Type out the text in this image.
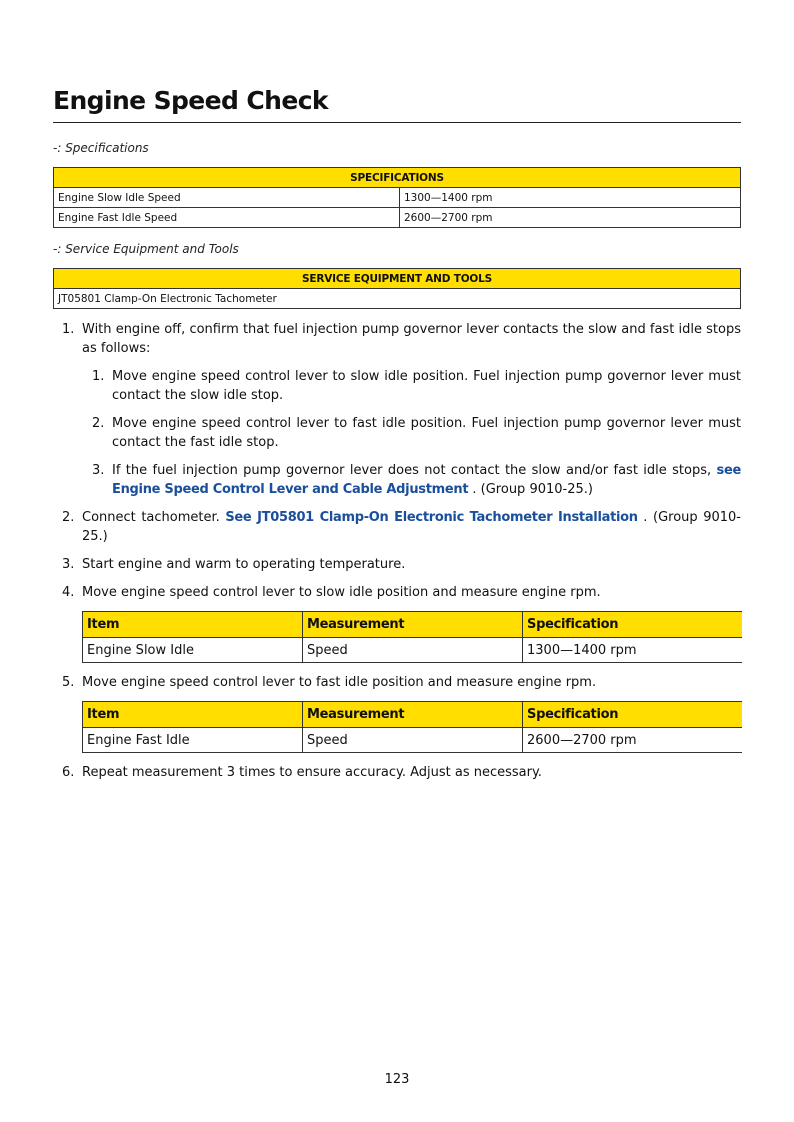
Engine Speed Check
-: Specifications
SPECIFICATIONS	
Engine Slow Idle Speed	1300—1400 rpm
Engine Fast Idle Speed	2600—2700 rpm
-: Service Equipment and Tools
SERVICE EQUIPMENT AND TOOLS
JT05801 Clamp-On Electronic Tachometer
1. With engine off, confirm that fuel injection pump governor lever contacts the slow and fast idle stops as follows:
1. Move engine speed control lever to slow idle position. Fuel injection pump governor lever must contact the slow idle stop.
2. Move engine speed control lever to fast idle position. Fuel injection pump governor lever must contact the fast idle stop.
3. If the fuel injection pump governor lever does not contact the slow and/or fast idle stops, see Engine Speed Control Lever and Cable Adjustment . (Group 9010-25.)
2. Connect tachometer. See JT05801 Clamp-On Electronic Tachometer Installation . (Group 9010-25.)
3. Start engine and warm to operating temperature.
4. Move engine speed control lever to slow idle position and measure engine rpm.
Item	Measurement	Specification
Engine Slow Idle	Speed	1300—1400 rpm
5. Move engine speed control lever to fast idle position and measure engine rpm.
Item	Measurement	Specification
Engine Fast Idle	Speed	2600—2700 rpm
6. Repeat measurement 3 times to ensure accuracy. Adjust as necessary.
123
